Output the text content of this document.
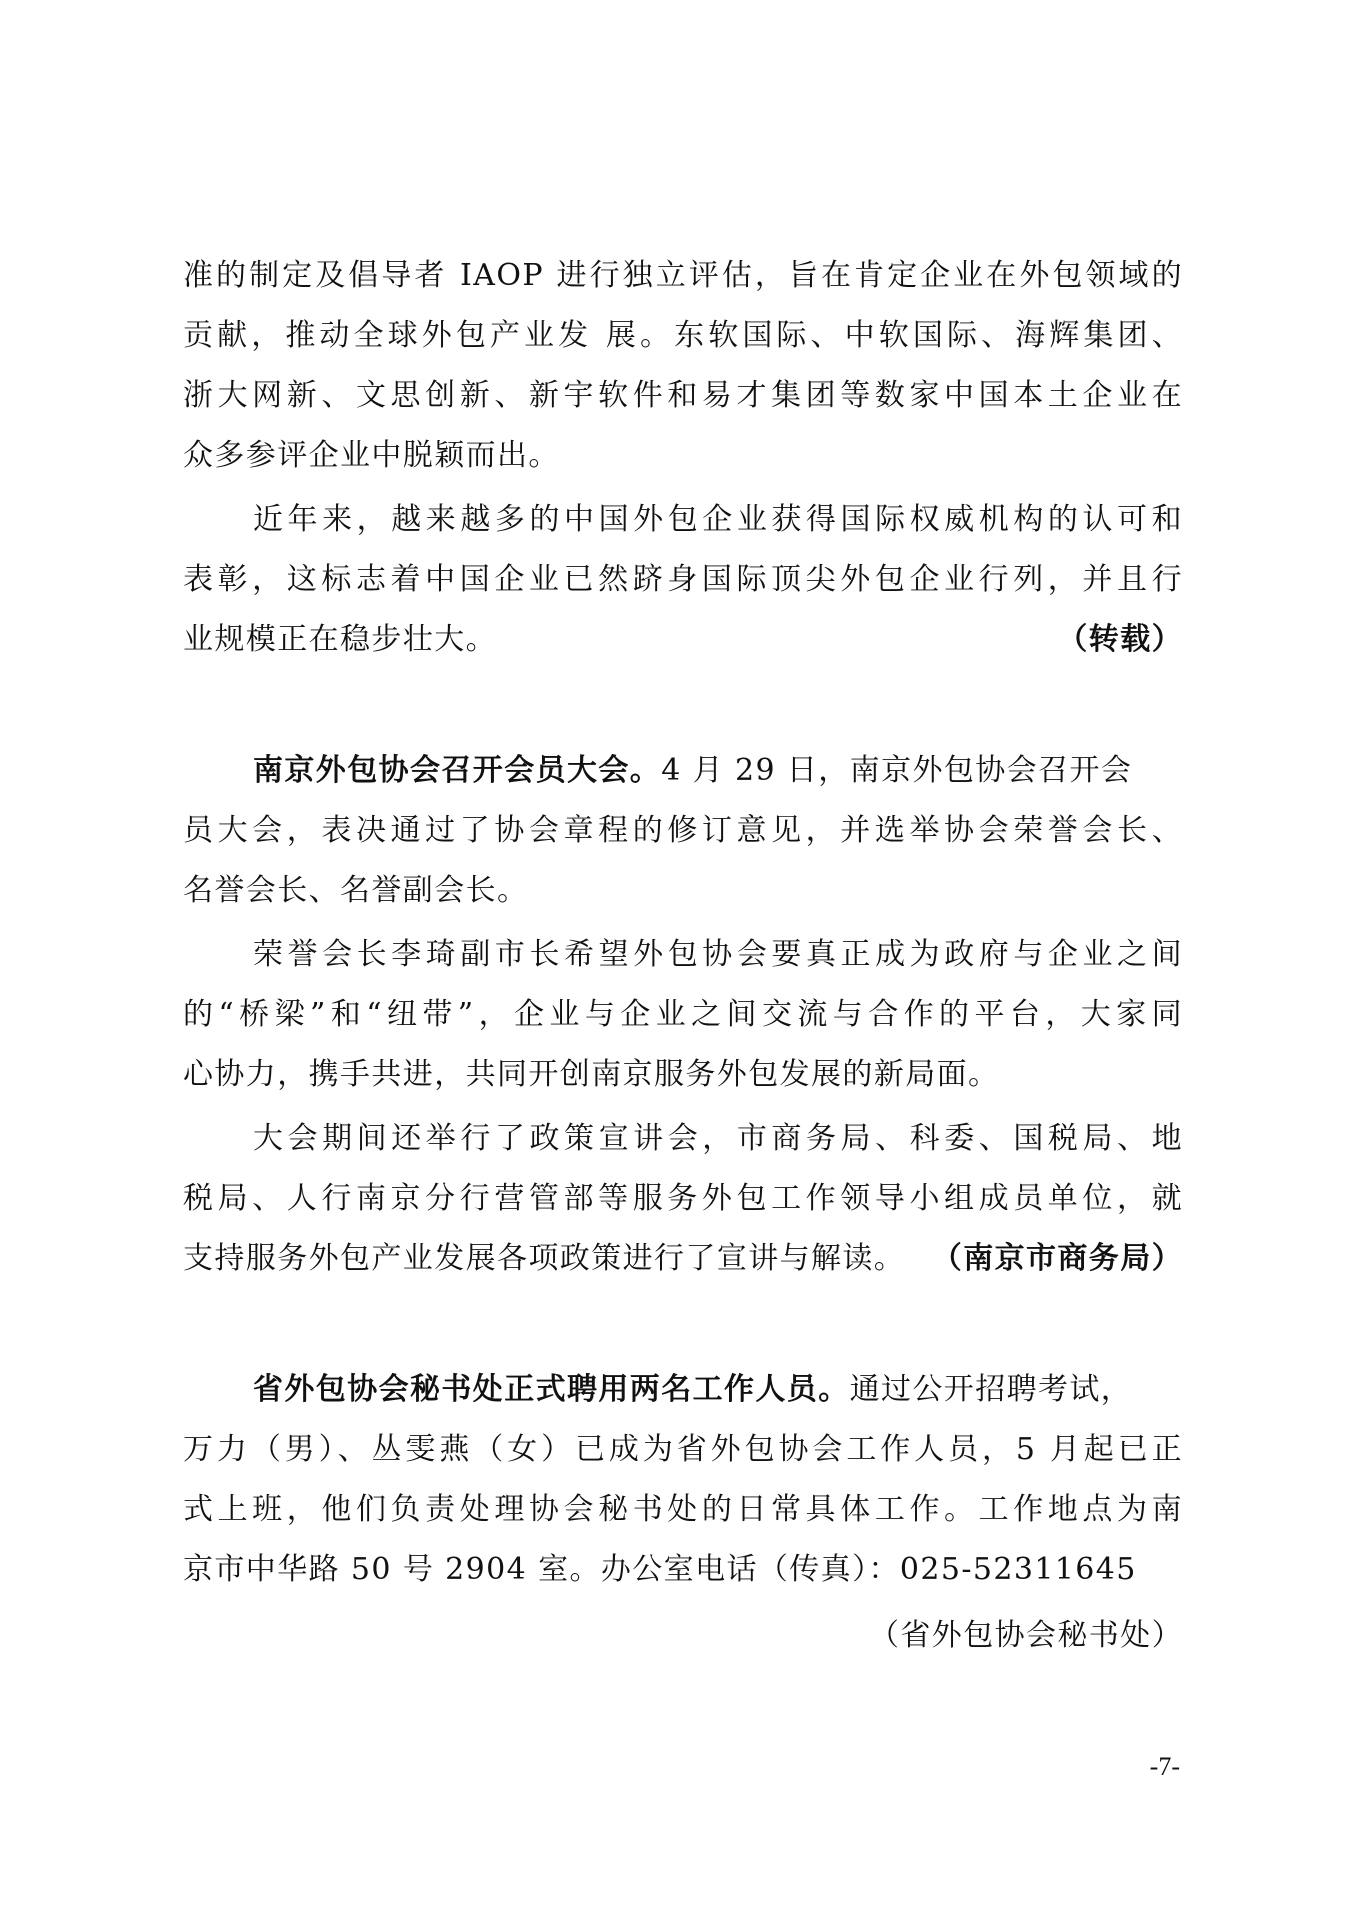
准的制定及倡导者 IAOP 进行独立评估，旨在肯定企业在外包领域的
贡献，推动全球外包产业发 展。东软国际、中软国际、海辉集团、
浙大网新、文思创新、新宇软件和易才集团等数家中国本土企业在
众多参评企业中脱颖而出。
近年来，越来越多的中国外包企业获得国际权威机构的认可和
表彰，这标志着中国企业已然跻身国际顶尖外包企业行列，并且行
业规模正在稳步壮大。	（转载）
南京外包协会召开会员大会。4 月 29 日，南京外包协会召开会
员大会，表决通过了协会章程的修订意见，并选举协会荣誉会长、
名誉会长、名誉副会长。
荣誉会长李琦副市长希望外包协会要真正成为政府与企业之间
的“桥梁”和“纽带”，企业与企业之间交流与合作的平台，大家同
心协力，携手共进，共同开创南京服务外包发展的新局面。
大会期间还举行了政策宣讲会，市商务局、科委、国税局、地
税局、人行南京分行营管部等服务外包工作领导小组成员单位，就
支持服务外包产业发展各项政策进行了宣讲与解读。 （南京市商务局）
省外包协会秘书处正式聘用两名工作人员。通过公开招聘考试，
万力（男）、丛雯燕（女）已成为省外包协会工作人员，5 月起已正
式上班，他们负责处理协会秘书处的日常具体工作。工作地点为南
京市中华路 50 号 2904 室。办公室电话（传真）：025-52311645
（省外包协会秘书处）
-7-
